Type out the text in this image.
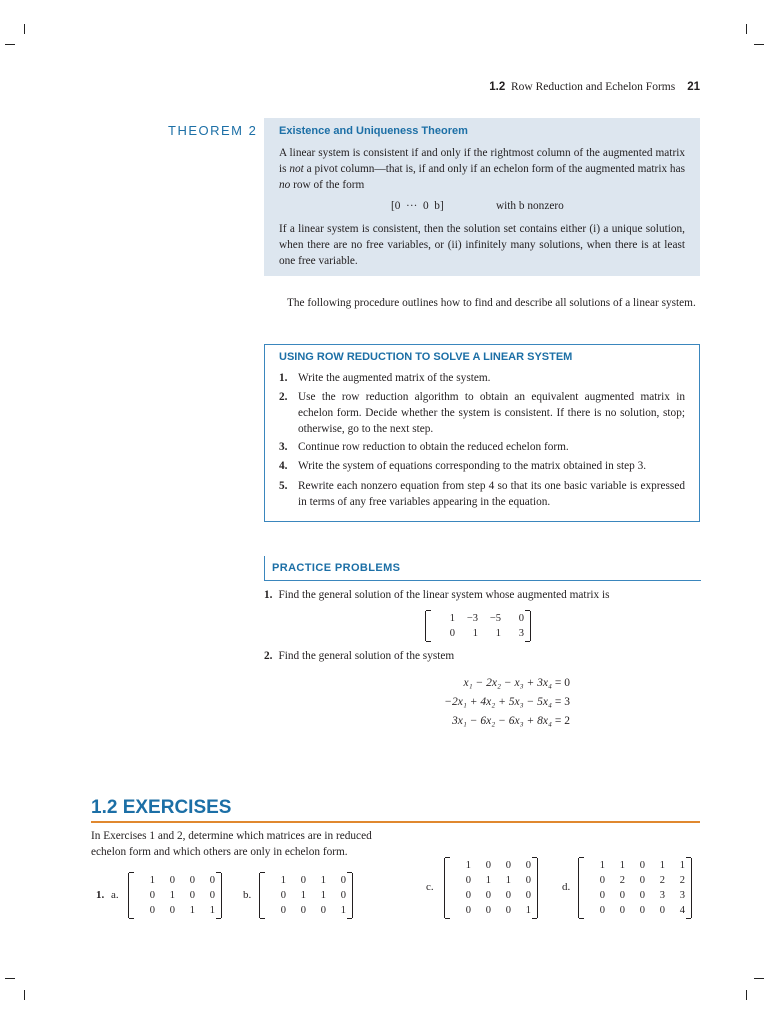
1.2 Row Reduction and Echelon Forms 21
THEOREM 2 Existence and Uniqueness Theorem
A linear system is consistent if and only if the rightmost column of the augmented matrix is not a pivot column—that is, if and only if an echelon form of the augmented matrix has no row of the form
[0  ···  0  b]	with b nonzero
If a linear system is consistent, then the solution set contains either (i) a unique solution, when there are no free variables, or (ii) infinitely many solutions, when there is at least one free variable.
The following procedure outlines how to find and describe all solutions of a linear system.
USING ROW REDUCTION TO SOLVE A LINEAR SYSTEM
1. Write the augmented matrix of the system.
2. Use the row reduction algorithm to obtain an equivalent augmented matrix in echelon form. Decide whether the system is consistent. If there is no solution, stop; otherwise, go to the next step.
3. Continue row reduction to obtain the reduced echelon form.
4. Write the system of equations corresponding to the matrix obtained in step 3.
5. Rewrite each nonzero equation from step 4 so that its one basic variable is expressed in terms of any free variables appearing in the equation.
PRACTICE PROBLEMS
1. Find the general solution of the linear system whose augmented matrix is
1	−3	−5	0
0	1	1	3
2. Find the general solution of the system
x₁ − 2x₂ − x₃ + 3x₄ = 0
−2x₁ + 4x₂ + 5x₃ − 5x₄ = 3
3x₁ − 6x₂ − 6x₃ + 8x₄ = 2
1.2 EXERCISES
In Exercises 1 and 2, determine which matrices are in reduced echelon form and which others are only in echelon form.
1. a.
1	0	0	0
0	1	0	0
0	0	1	1
b.
1	0	1	0
0	1	1	0
0	0	0	1
c.
1	0	0	0
0	1	1	0
0	0	0	0
0	0	0	1
d.
1	1	0	1	1
0	2	0	2	2
0	0	0	3	3
0	0	0	0	4
